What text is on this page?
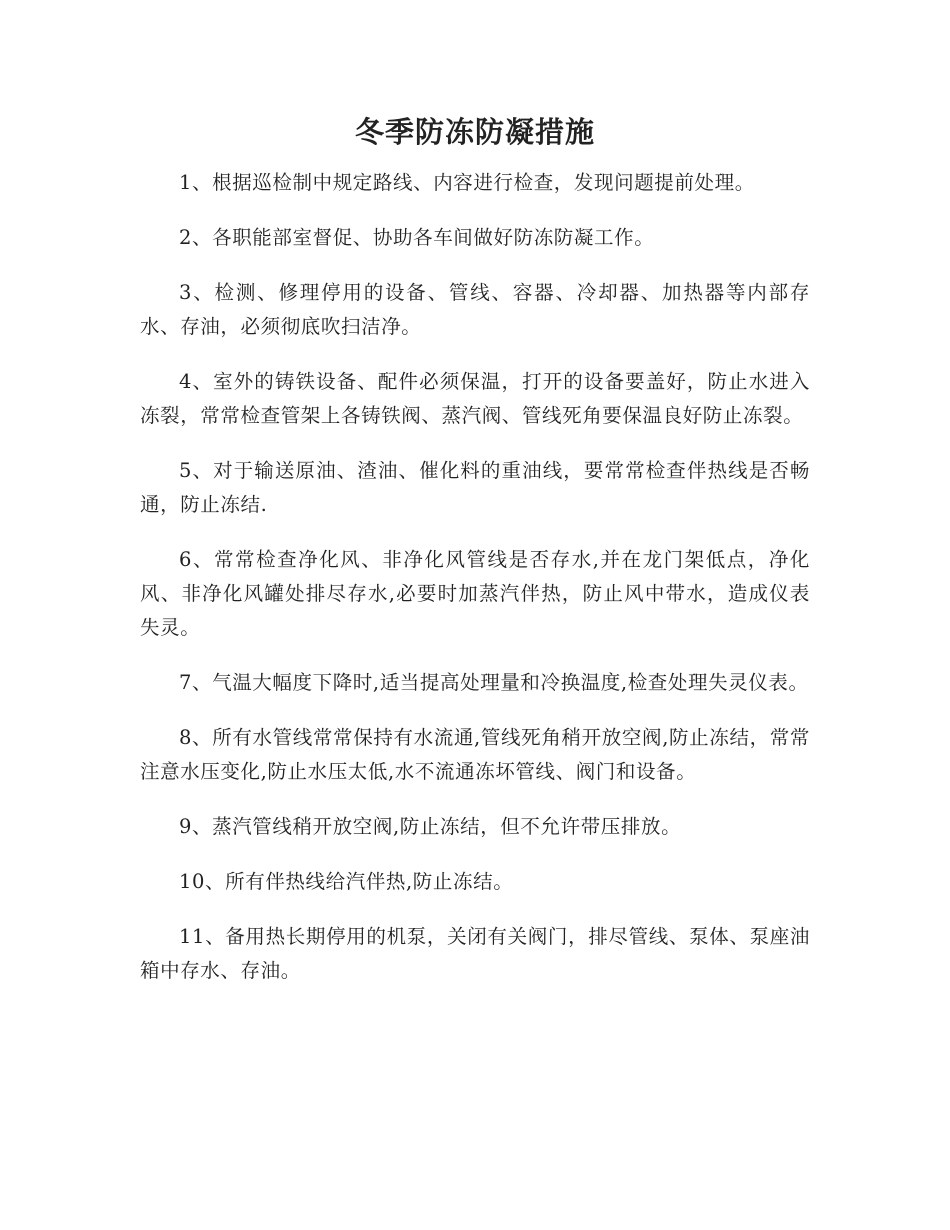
冬季防冻防凝措施

1、根据巡检制中规定路线、内容进行检查，发现问题提前处理。

2、各职能部室督促、协助各车间做好防冻防凝工作。

3、检测、修理停用的设备、管线、容器、冷却器、加热器等内部存水、存油，必须彻底吹扫洁净。

4、室外的铸铁设备、配件必须保温，打开的设备要盖好，防止水进入冻裂，常常检查管架上各铸铁阀、蒸汽阀、管线死角要保温良好防止冻裂。

5、对于输送原油、渣油、催化料的重油线，要常常检查伴热线是否畅通，防止冻结.

6、常常检查净化风、非净化风管线是否存水,并在龙门架低点，净化风、非净化风罐处排尽存水,必要时加蒸汽伴热，防止风中带水，造成仪表失灵。

7、气温大幅度下降时,适当提高处理量和冷换温度,检查处理失灵仪表。

8、所有水管线常常保持有水流通,管线死角稍开放空阀,防止冻结，常常注意水压变化,防止水压太低,水不流通冻坏管线、阀门和设备。

9、蒸汽管线稍开放空阀,防止冻结，但不允许带压排放。

10、所有伴热线给汽伴热,防止冻结。

11、备用热长期停用的机泵，关闭有关阀门，排尽管线、泵体、泵座油箱中存水、存油。
